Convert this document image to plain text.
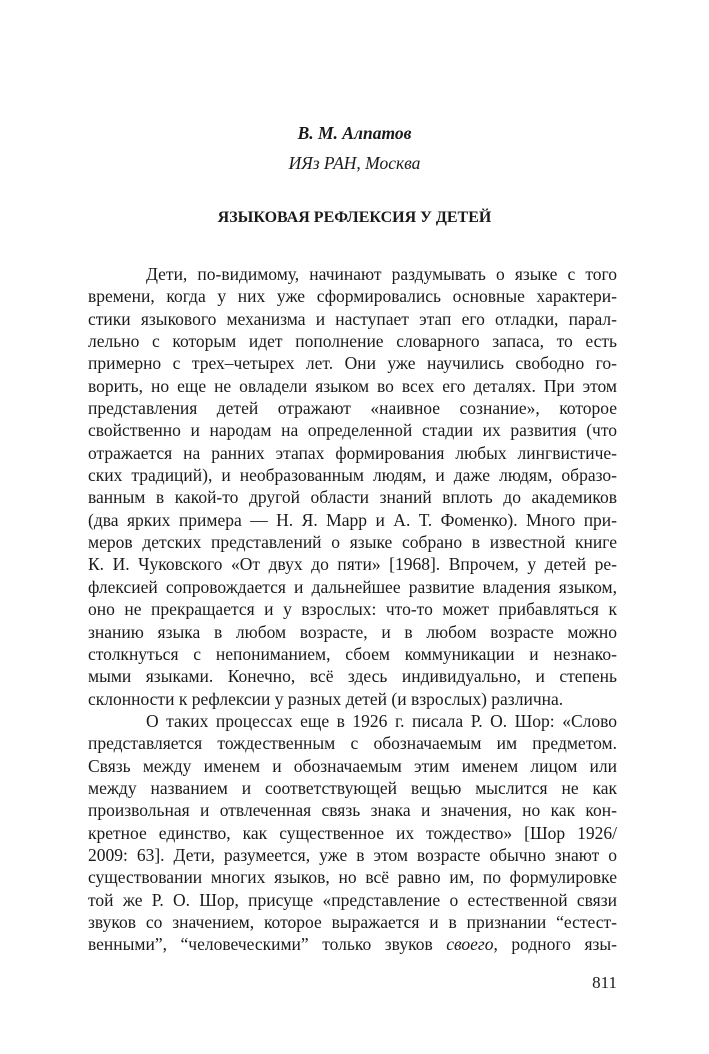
В. М. Алпатов
ИЯз РАН, Москва
ЯЗЫКОВАЯ РЕФЛЕКСИЯ У ДЕТЕЙ
Дети, по-видимому, начинают раздумывать о языке с того
времени, когда у них уже сформировались основные характери-
стики языкового механизма и наступает этап его отладки, парал-
лельно с которым идет пополнение словарного запаса, то есть
примерно с трех–четырех лет. Они уже научились свободно го-
ворить, но еще не овладели языком во всех его деталях. При этом
представления детей отражают «наивное сознание», которое
свойственно и народам на определенной стадии их развития (что
отражается на ранних этапах формирования любых лингвистиче-
ских традиций), и необразованным людям, и даже людям, образо-
ванным в какой-то другой области знаний вплоть до академиков
(два ярких примера — Н. Я. Марр и А. Т. Фоменко). Много при-
меров детских представлений о языке собрано в известной книге
К. И. Чуковского «От двух до пяти» [1968]. Впрочем, у детей ре-
флексией сопровождается и дальнейшее развитие владения языком,
оно не прекращается и у взрослых: что-то может прибавляться к
знанию языка в любом возрасте, и в любом возрасте можно
столкнуться с непониманием, сбоем коммуникации и незнако-
мыми языками. Конечно, всё здесь индивидуально, и степень
склонности к рефлексии у разных детей (и взрослых) различна.
О таких процессах еще в 1926 г. писала Р. О. Шор: «Слово
представляется тождественным с обозначаемым им предметом.
Связь между именем и обозначаемым этим именем лицом или
между названием и соответствующей вещью мыслится не как
произвольная и отвлеченная связь знака и значения, но как кон-
кретное единство, как существенное их тождество» [Шор 1926/
2009: 63]. Дети, разумеется, уже в этом возрасте обычно знают о
существовании многих языков, но всё равно им, по формулировке
той же Р. О. Шор, присуще «представление о естественной связи
звуков со значением, которое выражается и в признании “естест-
венными”, “человеческими” только звуков своего, родного язы-
811
